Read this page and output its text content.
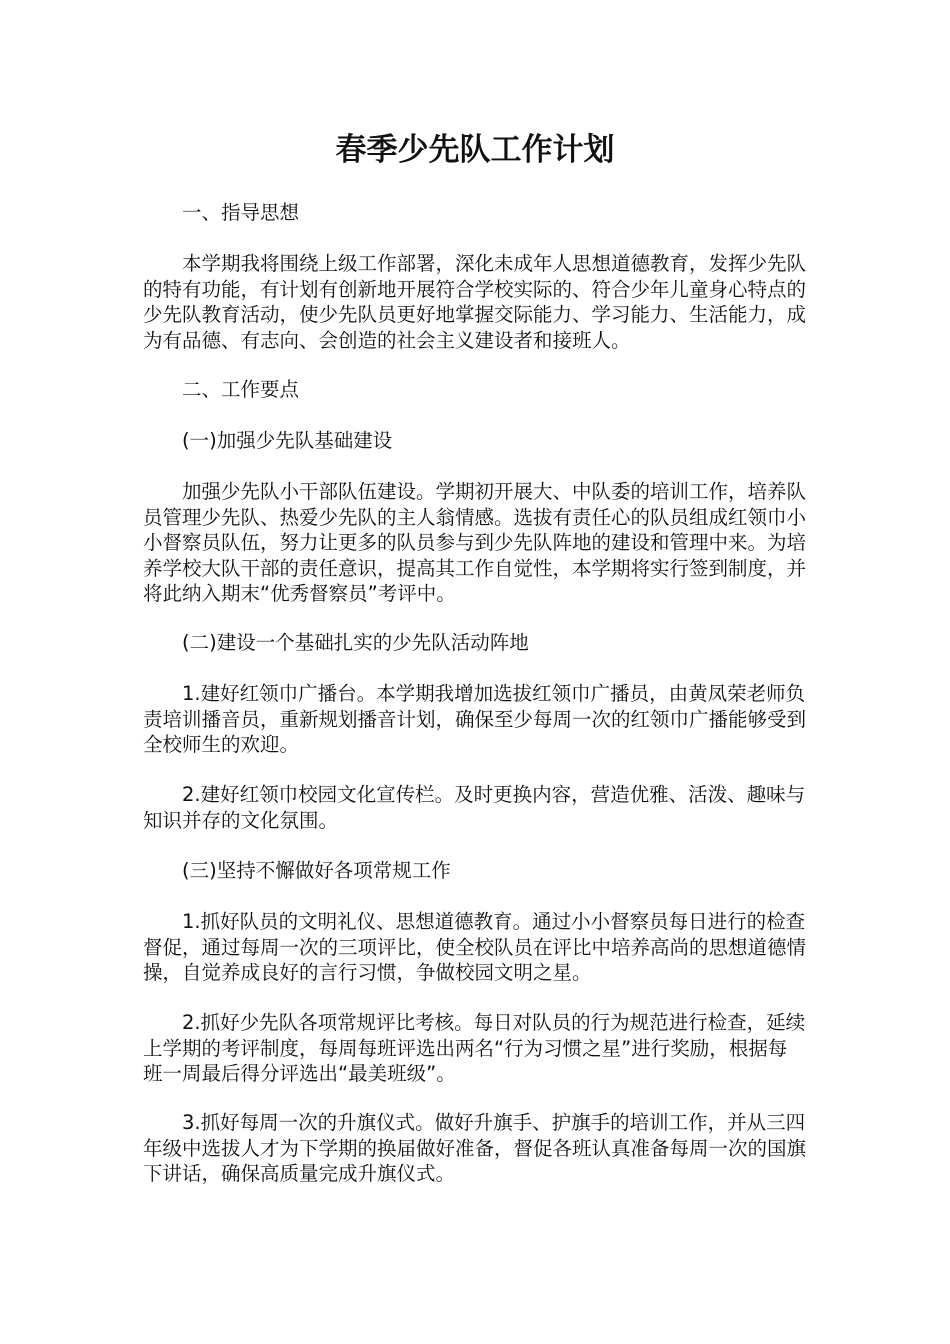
春季少先队工作计划
一、指导思想
本学期我将围绕上级工作部署，深化未成年人思想道德教育，发挥少先队
的特有功能，有计划有创新地开展符合学校实际的、符合少年儿童身心特点的
少先队教育活动，使少先队员更好地掌握交际能力、学习能力、生活能力，成
为有品德、有志向、会创造的社会主义建设者和接班人。
二、工作要点
(一)加强少先队基础建设
加强少先队小干部队伍建设。学期初开展大、中队委的培训工作，培养队
员管理少先队、热爱少先队的主人翁情感。选拔有责任心的队员组成红领巾小
小督察员队伍，努力让更多的队员参与到少先队阵地的建设和管理中来。为培
养学校大队干部的责任意识，提高其工作自觉性，本学期将实行签到制度，并
将此纳入期末“优秀督察员”考评中。
(二)建设一个基础扎实的少先队活动阵地
1.建好红领巾广播台。本学期我增加选拔红领巾广播员，由黄凤荣老师负
责培训播音员，重新规划播音计划，确保至少每周一次的红领巾广播能够受到
全校师生的欢迎。
2.建好红领巾校园文化宣传栏。及时更换内容，营造优雅、活泼、趣味与
知识并存的文化氛围。
(三)坚持不懈做好各项常规工作
1.抓好队员的文明礼仪、思想道德教育。通过小小督察员每日进行的检查
督促，通过每周一次的三项评比，使全校队员在评比中培养高尚的思想道德情
操，自觉养成良好的言行习惯，争做校园文明之星。
2.抓好少先队各项常规评比考核。每日对队员的行为规范进行检查，延续
上学期的考评制度，每周每班评选出两名“行为习惯之星”进行奖励，根据每
班一周最后得分评选出“最美班级”。
3.抓好每周一次的升旗仪式。做好升旗手、护旗手的培训工作，并从三四
年级中选拔人才为下学期的换届做好准备，督促各班认真准备每周一次的国旗
下讲话，确保高质量完成升旗仪式。
